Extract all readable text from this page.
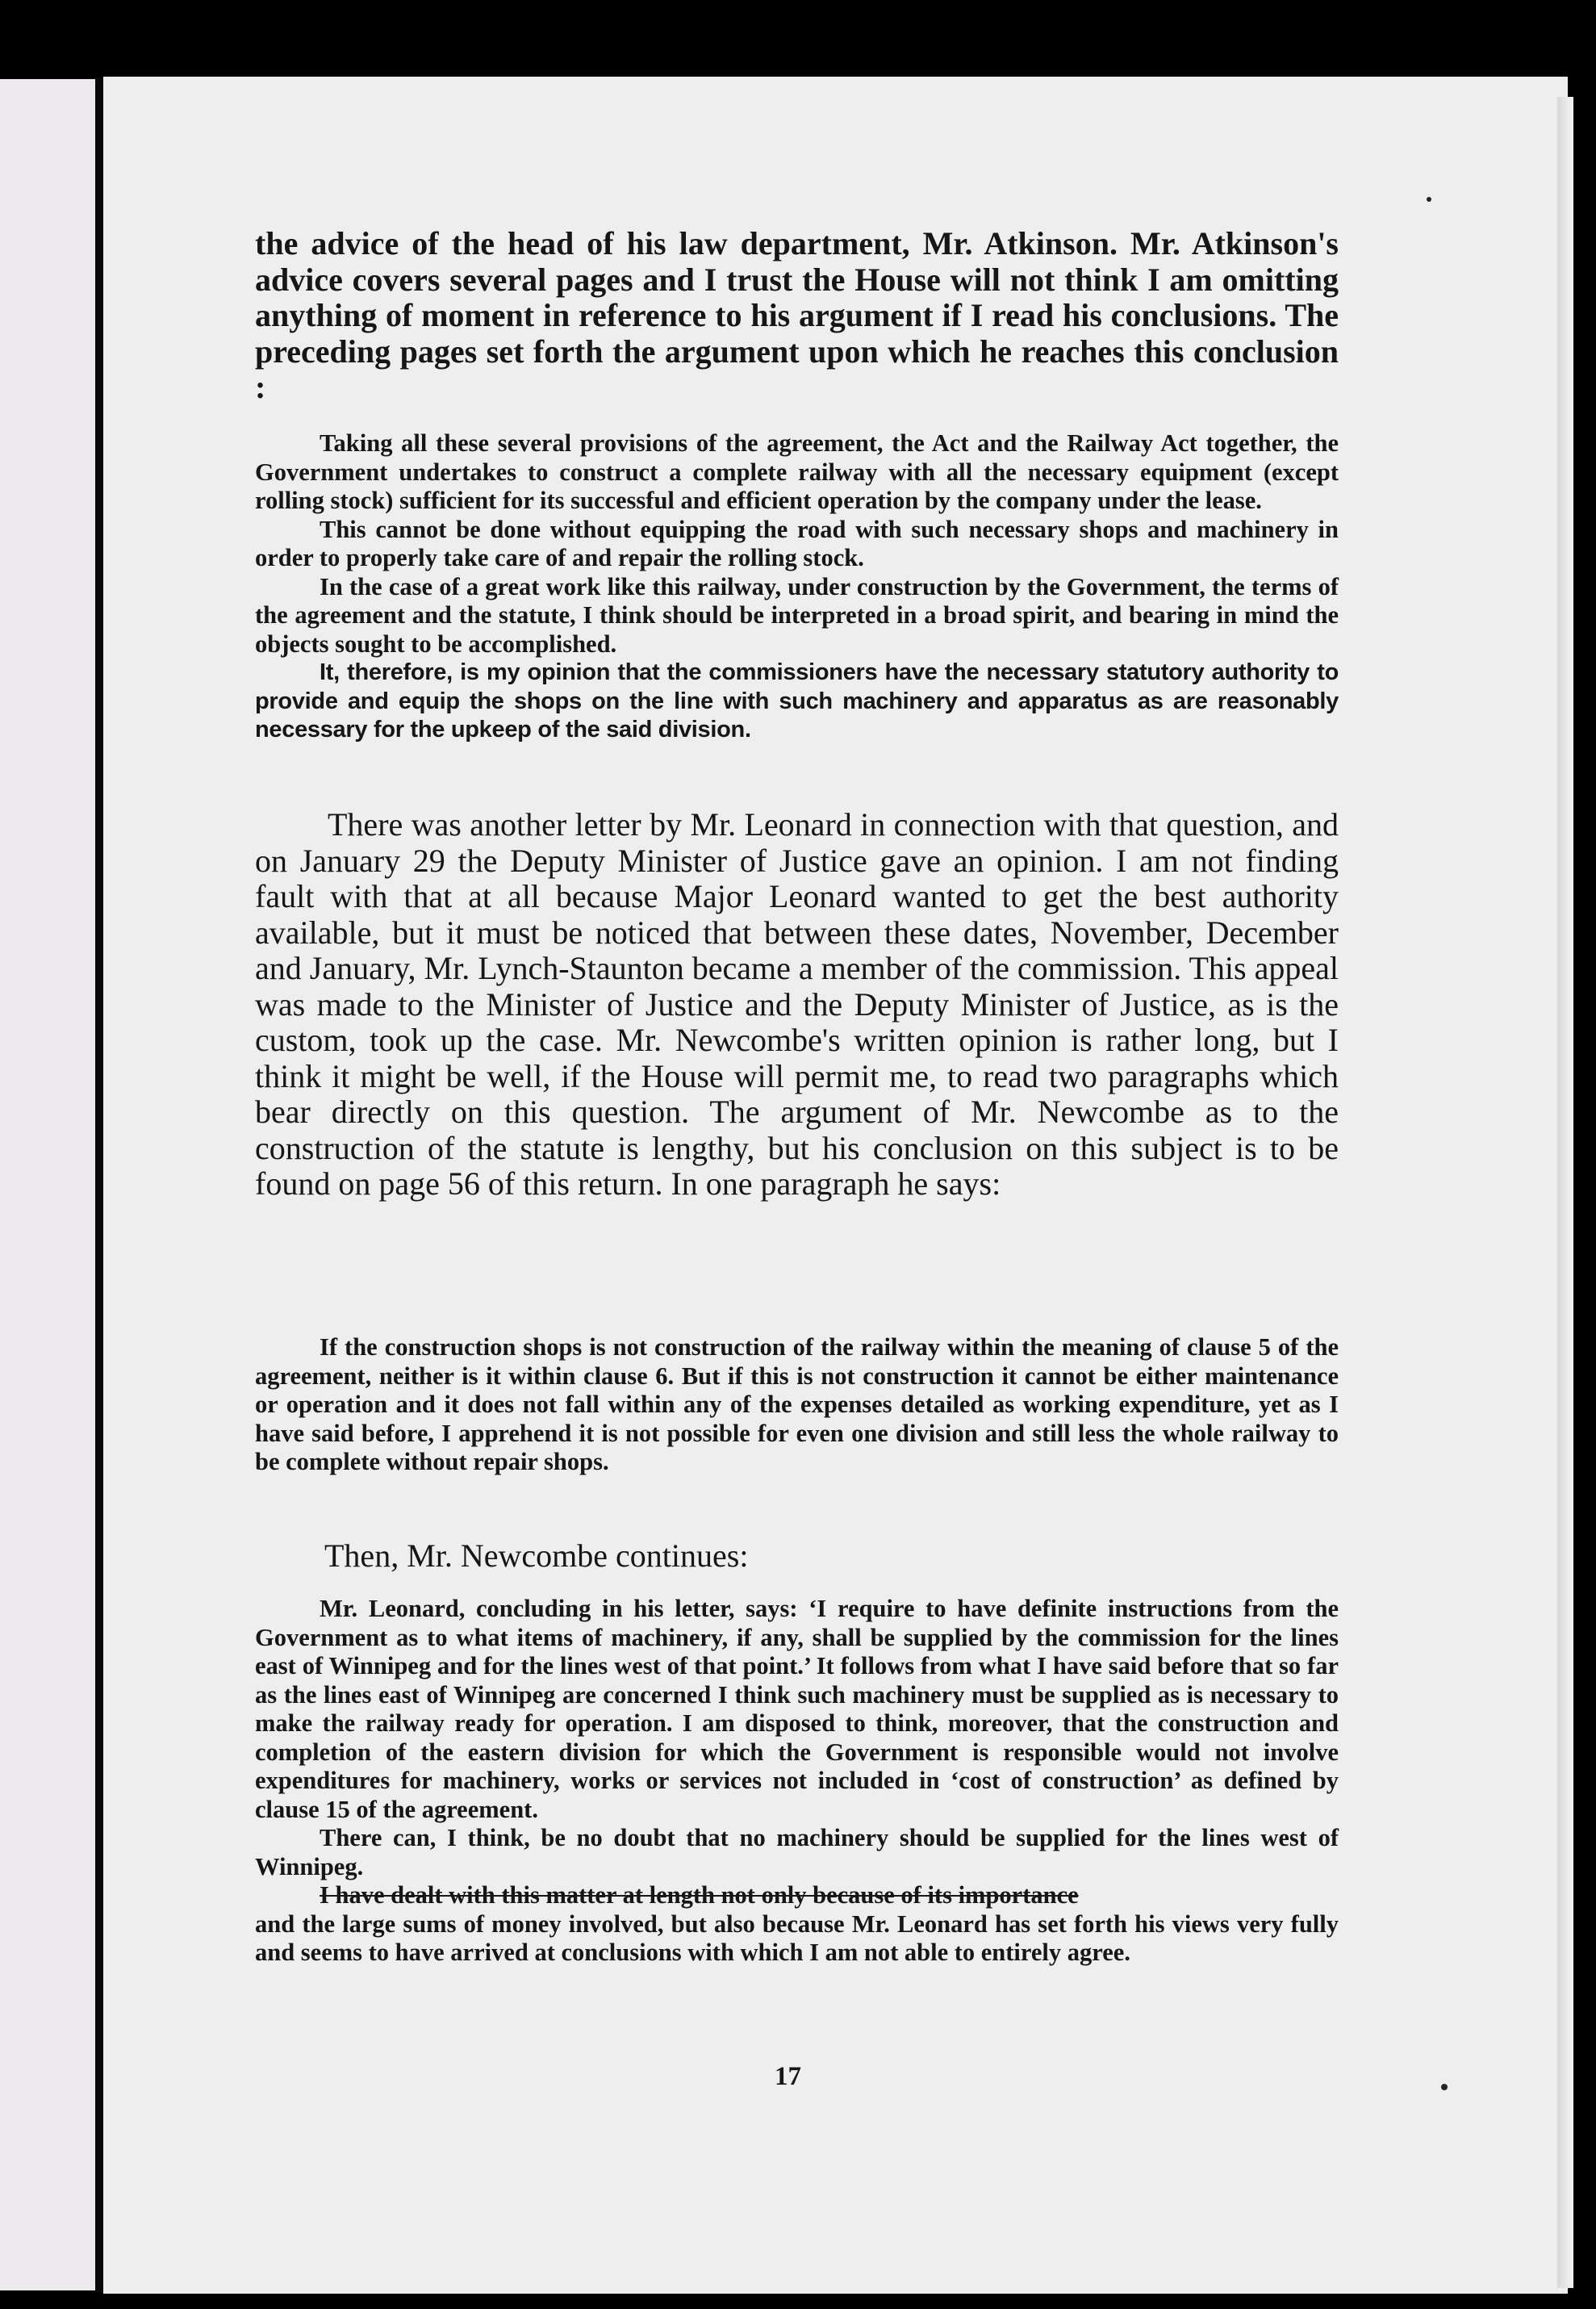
the advice of the head of his law department, Mr. Atkinson. Mr. Atkinson's advice covers several pages and I trust the House will not think I am omitting anything of moment in reference to his argument if I read his conclusions. The preceding pages set forth the argument upon which he reaches this conclusion :

Taking all these several provisions of the agreement, the Act and the Railway Act together, the Government undertakes to construct a complete railway with all the necessary equipment (except rolling stock) sufficient for its successful and efficient operation by the company under the lease.

This cannot be done without equipping the road with such necessary shops and machinery in order to properly take care of and repair the rolling stock.

In the case of a great work like this railway, under construction by the Government, the terms of the agreement and the statute, I think should be interpreted in a broad spirit, and bearing in mind the objects sought to be accomplished.

It, therefore, is my opinion that the commissioners have the necessary statutory authority to provide and equip the shops on the line with such machinery and apparatus as are reasonably necessary for the upkeep of the said division.

There was another letter by Mr. Leonard in connection with that question, and on January 29 the Deputy Minister of Justice gave an opinion. I am not finding fault with that at all because Major Leonard wanted to get the best authority available, but it must be noticed that between these dates, November, December and January, Mr. Lynch-Staunton became a member of the commission. This appeal was made to the Minister of Justice and the Deputy Minister of Justice, as is the custom, took up the case. Mr. Newcombe's written opinion is rather long, but I think it might be well, if the House will permit me, to read two paragraphs which bear directly on this question. The argument of Mr. Newcombe as to the construction of the statute is lengthy, but his conclusion on this subject is to be found on page 56 of this return. In one paragraph he says:

If the construction shops is not construction of the railway within the meaning of clause 5 of the agreement, neither is it within clause 6. But if this is not construction it cannot be either maintenance or operation and it does not fall within any of the expenses detailed as working expenditure, yet as I have said before, I apprehend it is not possible for even one division and still less the whole railway to be complete without repair shops.

Then, Mr. Newcombe continues:

Mr. Leonard, concluding in his letter, says: ‘I require to have definite instructions from the Government as to what items of machinery, if any, shall be supplied by the commission for the lines east of Winnipeg and for the lines west of that point.’ It follows from what I have said before that so far as the lines east of Winnipeg are concerned I think such machinery must be supplied as is necessary to make the railway ready for operation. I am disposed to think, moreover, that the construction and completion of the eastern division for which the Government is responsible would not involve expenditures for machinery, works or services not included in ‘cost of construction’ as defined by clause 15 of the agreement.

There can, I think, be no doubt that no machinery should be supplied for the lines west of Winnipeg.

I have dealt with this matter at length not only because of its importance

and the large sums of money involved, but also because Mr. Leonard has set forth his views very fully and seems to have arrived at conclusions with which I am not able to entirely agree.

17
